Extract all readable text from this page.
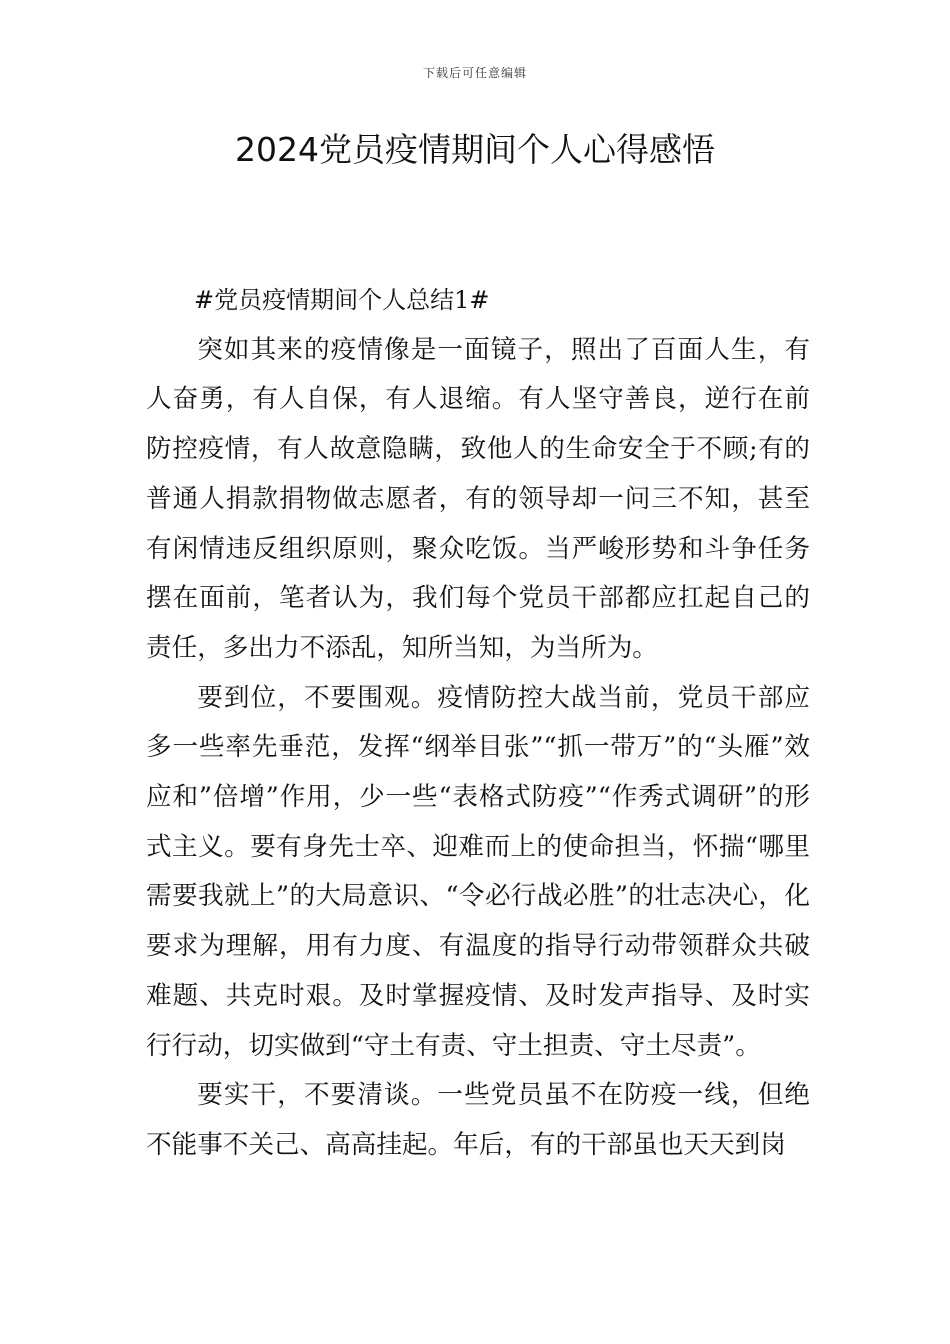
下载后可任意编辑
2024党员疫情期间个人心得感悟

#党员疫情期间个人总结1#

突如其来的疫情像是一面镜子，照出了百面人生，有人奋勇，有人自保，有人退缩。有人坚守善良，逆行在前防控疫情，有人故意隐瞒，致他人的生命安全于不顾;有的普通人捐款捐物做志愿者，有的领导却一问三不知，甚至有闲情违反组织原则，聚众吃饭。当严峻形势和斗争任务摆在面前，笔者认为，我们每个党员干部都应扛起自己的责任，多出力不添乱，知所当知，为当所为。

要到位，不要围观。疫情防控大战当前，党员干部应多一些率先垂范，发挥“纲举目张”“抓一带万”的“头雁”效应和”倍增”作用，少一些“表格式防疫”“作秀式调研”的形式主义。要有身先士卒、迎难而上的使命担当，怀揣“哪里需要我就上”的大局意识、“令必行战必胜”的壮志决心，化要求为理解，用有力度、有温度的指导行动带领群众共破难题、共克时艰。及时掌握疫情、及时发声指导、及时实行行动，切实做到“守土有责、守土担责、守土尽责”。

要实干，不要清谈。一些党员虽不在防疫一线，但绝不能事不关己、高高挂起。年后，有的干部虽也天天到岗
